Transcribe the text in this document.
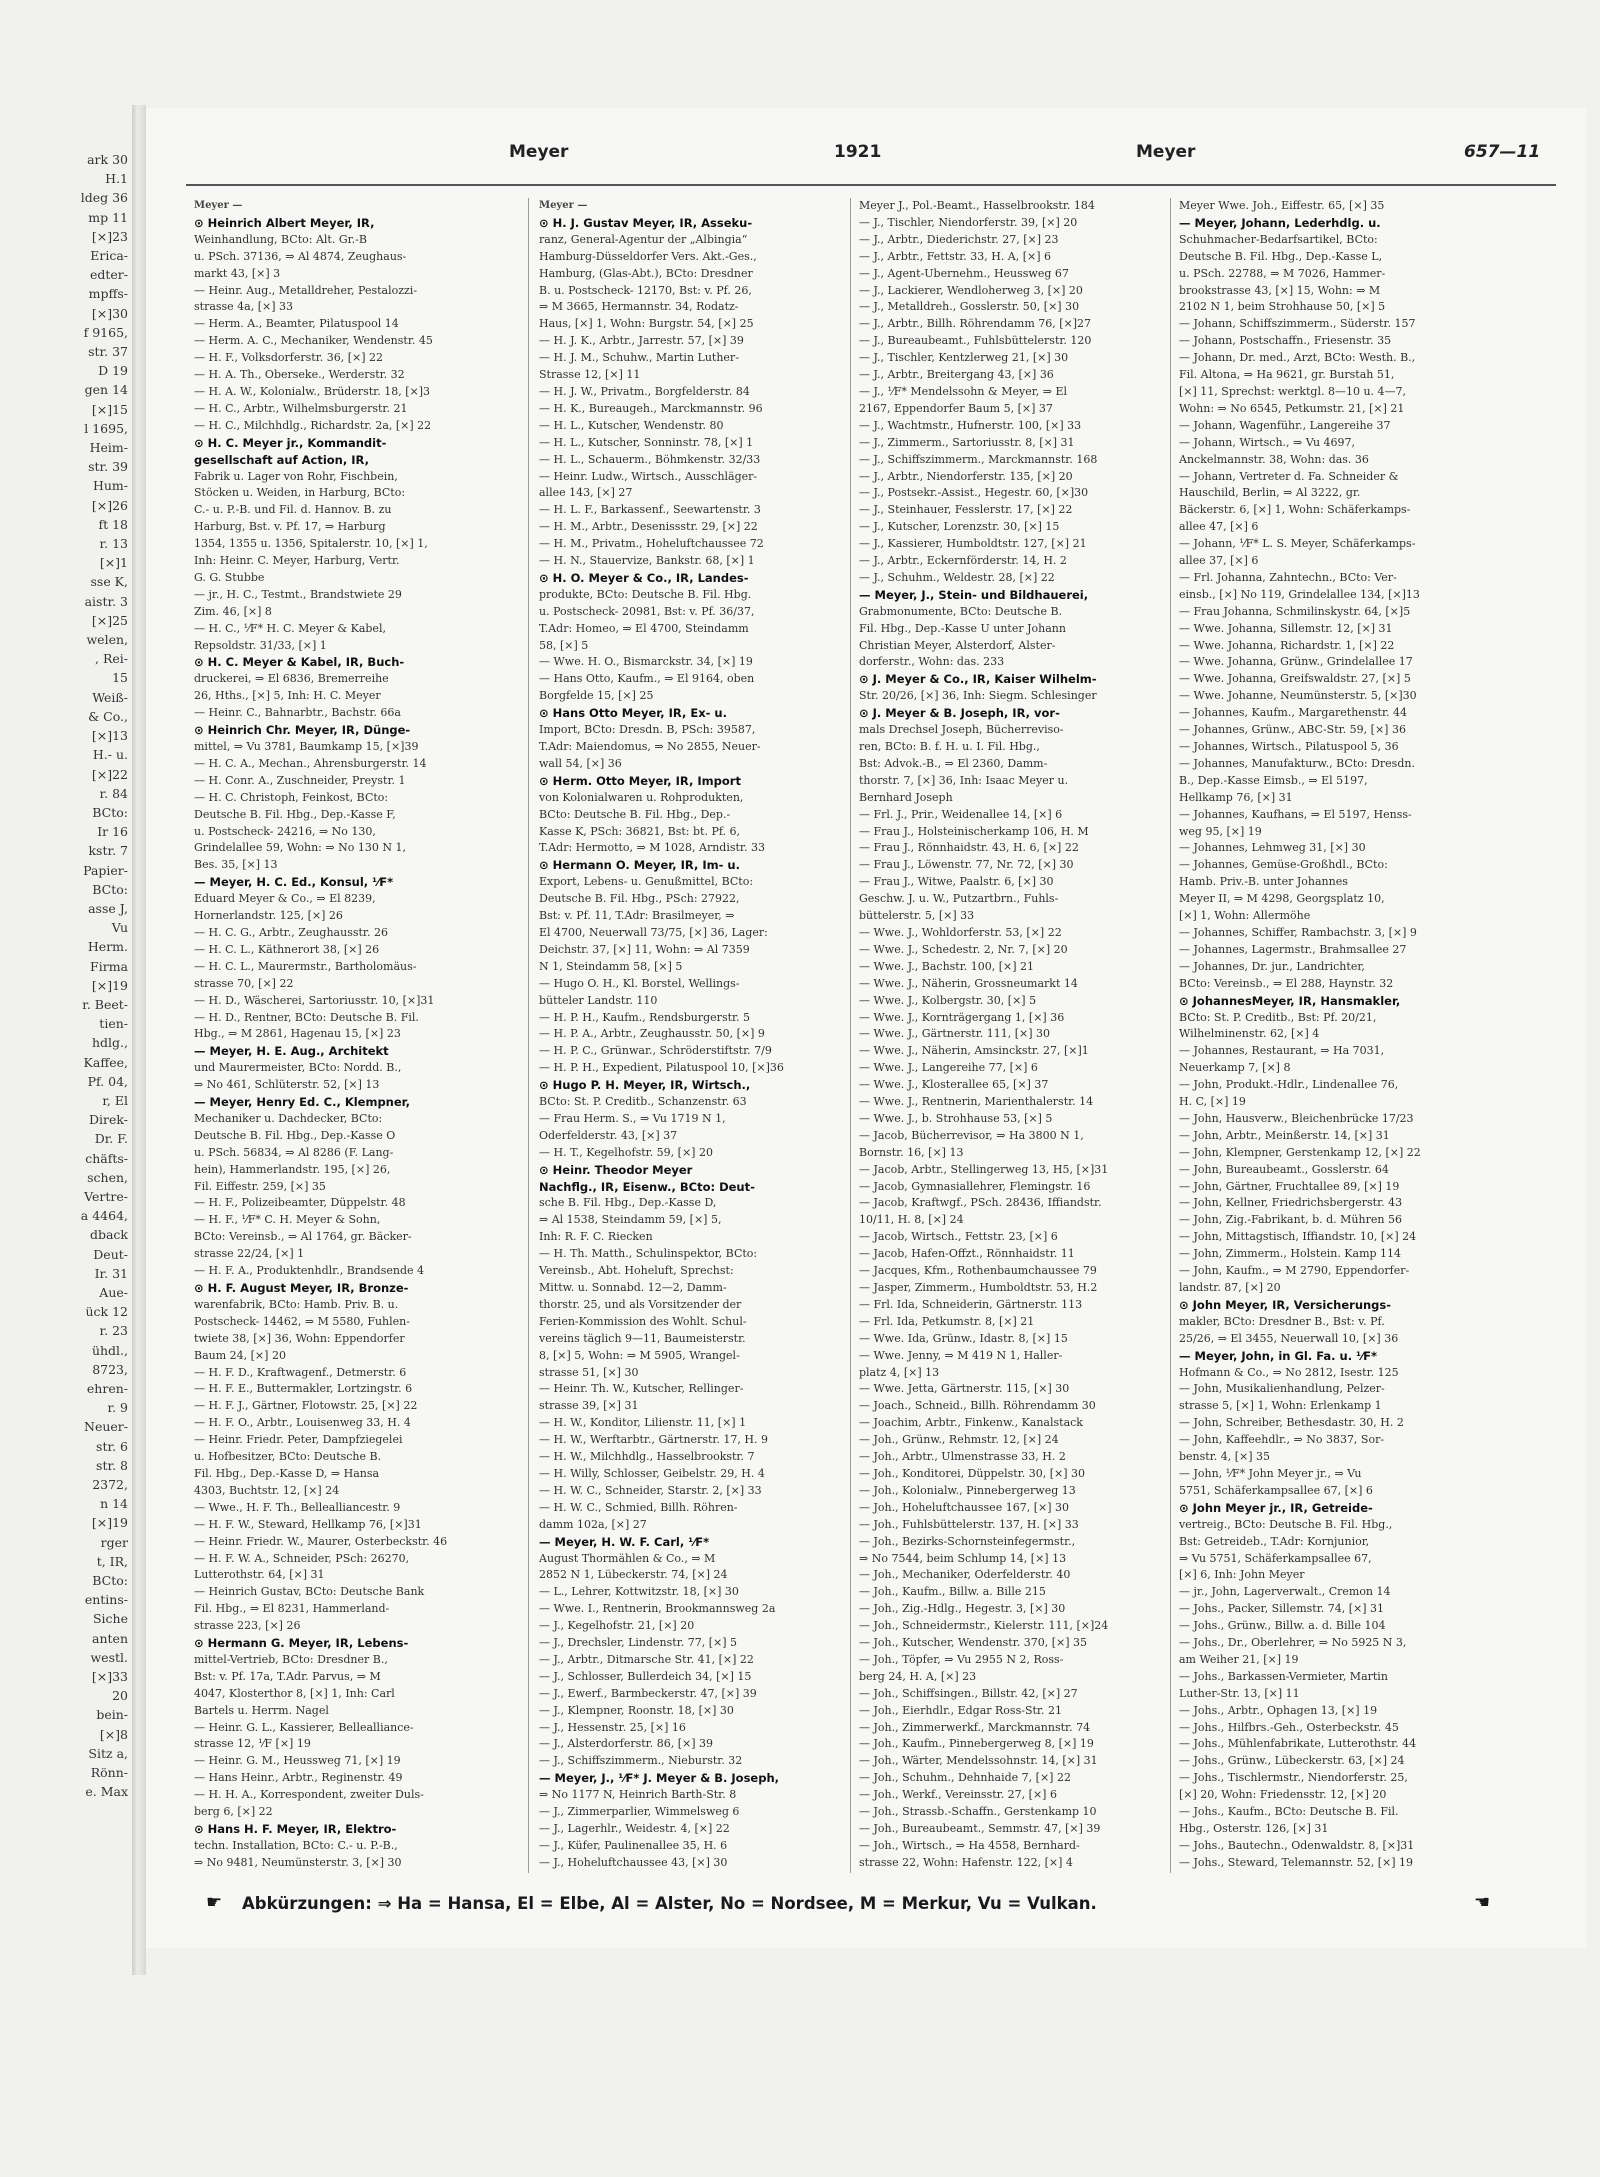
ark 30
H.1
ldeg 36
mp 11
[×]23
Erica-
edter-
mpffs-
[×]30
f 9165,
str. 37
D 19
gen 14
[×]15
l 1695,
Heim-
str. 39
Hum-
[×]26
ft 18
r. 13
[×]1
sse K,
aistr. 3
[×]25
welen,
, Rei-
15
Weiß-
& Co.,
[×]13
H.- u.
[×]22
r. 84
BCto:
Ir 16
kstr. 7
Papier-
BCto:
asse J,
Vu
Herm.
Firma
[×]19
r. Beet-
tien-
hdlg.,
Kaffee,
Pf. 04,
r, El
Direk-
Dr. F.
chäfts-
schen,
Vertre-
a 4464,
dback
Deut-
Ir. 31
Aue-
ück 12
r. 23
ühdl.,
8723,
ehren-
r. 9
Neuer-
str. 6
str. 8
2372,
n 14
[×]19
rger
t, IR,
BCto:
entins-
Siche
anten
westl.
[×]33
20
bein-
[×]8
Sitz a,
Rönn-
e. Max
Meyer	1921	Meyer	657—11
Meyer —
⊙ Heinrich Albert Meyer, IR,
Weinhandlung, BCto: Alt. Gr.-B
u. PSch. 37136, ⇒ Al 4874, Zeughaus-
markt 43, [×] 3
— Heinr. Aug., Metalldreher, Pestalozzi-
strasse 4a, [×] 33
— Herm. A., Beamter, Pilatuspool 14
— Herm. A. C., Mechaniker, Wendenstr. 45
— H. F., Volksdorferstr. 36, [×] 22
— H. A. Th., Oberseke., Werderstr. 32
— H. A. W., Kolonialw., Brüderstr. 18, [×]3
— H. C., Arbtr., Wilhelmsburgerstr. 21
— H. C., Milchhdlg., Richardstr. 2a, [×] 22
⊙ H. C. Meyer jr., Kommandit-
gesellschaft auf Action, IR,
Fabrik u. Lager von Rohr, Fischbein,
Stöcken u. Weiden, in Harburg, BCto:
C.- u. P.-B. und Fil. d. Hannov. B. zu
Harburg, Bst. v. Pf. 17, ⇒ Harburg
1354, 1355 u. 1356, Spitalerstr. 10, [×] 1,
Inh: Heinr. C. Meyer, Harburg, Vertr.
G. G. Stubbe
— jr., H. C., Testmt., Brandstwiete 29
Zim. 46, [×] 8
— H. C., ⅟F* H. C. Meyer & Kabel,
Repsoldstr. 31/33, [×] 1
⊙ H. C. Meyer & Kabel, IR, Buch-
druckerei, ⇒ El 6836, Bremerreihe
26, Hths., [×] 5, Inh: H. C. Meyer
— Heinr. C., Bahnarbtr., Bachstr. 66a
⊙ Heinrich Chr. Meyer, IR, Dünge-
mittel, ⇒ Vu 3781, Baumkamp 15, [×]39
— H. C. A., Mechan., Ahrensburgerstr. 14
— H. Conr. A., Zuschneider, Preystr. 1
— H. C. Christoph, Feinkost, BCto:
Deutsche B. Fil. Hbg., Dep.-Kasse F,
u. Postscheck- 24216, ⇒ No 130,
Grindelallee 59, Wohn: ⇒ No 130 N 1,
Bes. 35, [×] 13
— Meyer, H. C. Ed., Konsul, ⅟F*
Eduard Meyer & Co., ⇒ El 8239,
Hornerlandstr. 125, [×] 26
— H. C. G., Arbtr., Zeughausstr. 26
— H. C. L., Käthnerort 38, [×] 26
— H. C. L., Maurermstr., Bartholomäus-
strasse 70, [×] 22
— H. D., Wäscherei, Sartoriusstr. 10, [×]31
— H. D., Rentner, BCto: Deutsche B. Fil.
Hbg., ⇒ M 2861, Hagenau 15, [×] 23
— Meyer, H. E. Aug., Architekt
und Maurermeister, BCto: Nordd. B.,
⇒ No 461, Schlüterstr. 52, [×] 13
— Meyer, Henry Ed. C., Klempner,
Mechaniker u. Dachdecker, BCto:
Deutsche B. Fil. Hbg., Dep.-Kasse O
u. PSch. 56834, ⇒ Al 8286 (F. Lang-
hein), Hammerlandstr. 195, [×] 26,
Fil. Eiffestr. 259, [×] 35
— H. F., Polizeibeamter, Düppelstr. 48
— H. F., ⅟F* C. H. Meyer & Sohn,
BCto: Vereinsb., ⇒ Al 1764, gr. Bäcker-
strasse 22/24, [×] 1
— H. F. A., Produktenhdlr., Brandsende 4
⊙ H. F. August Meyer, IR, Bronze-
warenfabrik, BCto: Hamb. Priv. B. u.
Postscheck- 14462, ⇒ M 5580, Fuhlen-
twiete 38, [×] 36, Wohn: Eppendorfer
Baum 24, [×] 20
— H. F. D., Kraftwagenf., Detmerstr. 6
— H. F. E., Buttermakler, Lortzingstr. 6
— H. F. J., Gärtner, Flotowstr. 25, [×] 22
— H. F. O., Arbtr., Louisenweg 33, H. 4
— Heinr. Friedr. Peter, Dampfziegelei
u. Hofbesitzer, BCto: Deutsche B.
Fil. Hbg., Dep.-Kasse D, ⇒ Hansa
4303, Buchtstr. 12, [×] 24
— Wwe., H. F. Th., Bellealliancestr. 9
— H. F. W., Steward, Hellkamp 76, [×]31
— Heinr. Friedr. W., Maurer, Osterbeckstr. 46
— H. F. W. A., Schneider, PSch: 26270,
Lutterothstr. 64, [×] 31
— Heinrich Gustav, BCto: Deutsche Bank
Fil. Hbg., ⇒ El 8231, Hammerland-
strasse 223, [×] 26
⊙ Hermann G. Meyer, IR, Lebens-
mittel-Vertrieb, BCto: Dresdner B.,
Bst: v. Pf. 17a, T.Adr. Parvus, ⇒ M
4047, Klosterthor 8, [×] 1, Inh: Carl
Bartels u. Herrm. Nagel
— Heinr. G. L., Kassierer, Bellealliance-
strasse 12, ⅟F [×] 19
— Heinr. G. M., Heussweg 71, [×] 19
— Hans Heinr., Arbtr., Reginenstr. 49
— H. H. A., Korrespondent, zweiter Duls-
berg 6, [×] 22
⊙ Hans H. F. Meyer, IR, Elektro-
techn. Installation, BCto: C.- u. P.-B.,
⇒ No 9481, Neumünsterstr. 3, [×] 30
Meyer —
⊙ H. J. Gustav Meyer, IR, Asseku-
ranz, General-Agentur der „Albingia“
Hamburg-Düsseldorfer Vers. Akt.-Ges.,
Hamburg, (Glas-Abt.), BCto: Dresdner
B. u. Postscheck- 12170, Bst: v. Pf. 26,
⇒ M 3665, Hermannstr. 34, Rodatz-
Haus, [×] 1, Wohn: Burgstr. 54, [×] 25
— H. J. K., Arbtr., Jarrestr. 57, [×] 39
— H. J. M., Schuhw., Martin Luther-
Strasse 12, [×] 11
— H. J. W., Privatm., Borgfelderstr. 84
— H. K., Bureaugeh., Marckmannstr. 96
— H. L., Kutscher, Wendenstr. 80
— H. L., Kutscher, Sonninstr. 78, [×] 1
— H. L., Schauerm., Böhmkenstr. 32/33
— Heinr. Ludw., Wirtsch., Ausschläger-
allee 143, [×] 27
— H. L. F., Barkassenf., Seewartenstr. 3
— H. M., Arbtr., Desenissstr. 29, [×] 22
— H. M., Privatm., Hoheluftchaussee 72
— H. N., Stauervize, Bankstr. 68, [×] 1
⊙ H. O. Meyer & Co., IR, Landes-
produkte, BCto: Deutsche B. Fil. Hbg.
u. Postscheck- 20981, Bst: v. Pf. 36/37,
T.Adr: Homeo, ⇒ El 4700, Steindamm
58, [×] 5
— Wwe. H. O., Bismarckstr. 34, [×] 19
— Hans Otto, Kaufm., ⇒ El 9164, oben
Borgfelde 15, [×] 25
⊙ Hans Otto Meyer, IR, Ex- u.
Import, BCto: Dresdn. B, PSch: 39587,
T.Adr: Maiendomus, ⇒ No 2855, Neuer-
wall 54, [×] 36
⊙ Herm. Otto Meyer, IR, Import
von Kolonialwaren u. Rohprodukten,
BCto: Deutsche B. Fil. Hbg., Dep.-
Kasse K, PSch: 36821, Bst: bt. Pf. 6,
T.Adr: Hermotto, ⇒ M 1028, Arndistr. 33
⊙ Hermann O. Meyer, IR, Im- u.
Export, Lebens- u. Genußmittel, BCto:
Deutsche B. Fil. Hbg., PSch: 27922,
Bst: v. Pf. 11, T.Adr: Brasilmeyer, ⇒
El 4700, Neuerwall 73/75, [×] 36, Lager:
Deichstr. 37, [×] 11, Wohn: ⇒ Al 7359
N 1, Steindamm 58, [×] 5
— Hugo O. H., Kl. Borstel, Wellings-
bütteler Landstr. 110
— H. P. H., Kaufm., Rendsburgerstr. 5
— H. P. A., Arbtr., Zeughausstr. 50, [×] 9
— H. P. C., Grünwar., Schröderstiftstr. 7/9
— H. P. H., Expedient, Pilatuspool 10, [×]36
⊙ Hugo P. H. Meyer, IR, Wirtsch.,
BCto: St. P. Creditb., Schanzenstr. 63
— Frau Herm. S., ⇒ Vu 1719 N 1,
Oderfelderstr. 43, [×] 37
— H. T., Kegelhofstr. 59, [×] 20
⊙ Heinr. Theodor Meyer
Nachflg., IR, Eisenw., BCto: Deut-
sche B. Fil. Hbg., Dep.-Kasse D,
⇒ Al 1538, Steindamm 59, [×] 5,
Inh: R. F. C. Riecken
— H. Th. Matth., Schulinspektor, BCto:
Vereinsb., Abt. Hoheluft, Sprechst:
Mittw. u. Sonnabd. 12—2, Damm-
thorstr. 25, und als Vorsitzender der
Ferien-Kommission des Wohlt. Schul-
vereins täglich 9—11, Baumeisterstr.
8, [×] 5, Wohn: ⇒ M 5905, Wrangel-
strasse 51, [×] 30
— Heinr. Th. W., Kutscher, Rellinger-
strasse 39, [×] 31
— H. W., Konditor, Lilienstr. 11, [×] 1
— H. W., Werftarbtr., Gärtnerstr. 17, H. 9
— H. W., Milchhdlg., Hasselbrookstr. 7
— H. Willy, Schlosser, Geibelstr. 29, H. 4
— H. W. C., Schneider, Starstr. 2, [×] 33
— H. W. C., Schmied, Billh. Röhren-
damm 102a, [×] 27
— Meyer, H. W. F. Carl, ⅟F*
August Thormählen & Co., ⇒ M
2852 N 1, Lübeckerstr. 74, [×] 24
— L., Lehrer, Kottwitzstr. 18, [×] 30
— Wwe. I., Rentnerin, Brookmannsweg 2a
— J., Kegelhofstr. 21, [×] 20
— J., Drechsler, Lindenstr. 77, [×] 5
— J., Arbtr., Ditmarsche Str. 41, [×] 22
— J., Schlosser, Bullerdeich 34, [×] 15
— J., Ewerf., Barmbeckerstr. 47, [×] 39
— J., Klempner, Roonstr. 18, [×] 30
— J., Hessenstr. 25, [×] 16
— J., Alsterdorferstr. 86, [×] 39
— J., Schiffszimmerm., Nieburstr. 32
— Meyer, J., ⅟F* J. Meyer & B. Joseph,
⇒ No 1177 N, Heinrich Barth-Str. 8
— J., Zimmerparlier, Wimmelsweg 6
— J., Lagerhlr., Weidestr. 4, [×] 22
— J., Küfer, Paulinenallee 35, H. 6
— J., Hoheluftchaussee 43, [×] 30
Meyer J., Pol.-Beamt., Hasselbrookstr. 184
— J., Tischler, Niendorferstr. 39, [×] 20
— J., Arbtr., Diederichstr. 27, [×] 23
— J., Arbtr., Fettstr. 33, H. A, [×] 6
— J., Agent-Ubernehm., Heussweg 67
— J., Lackierer, Wendloherweg 3, [×] 20
— J., Metalldreh., Gosslerstr. 50, [×] 30
— J., Arbtr., Billh. Röhrendamm 76, [×]27
— J., Bureaubeamt., Fuhlsbüttelerstr. 120
— J., Tischler, Kentzlerweg 21, [×] 30
— J., Arbtr., Breitergang 43, [×] 36
— J., ⅟F* Mendelssohn & Meyer, ⇒ El
2167, Eppendorfer Baum 5, [×] 37
— J., Wachtmstr., Hufnerstr. 100, [×] 33
— J., Zimmerm., Sartoriusstr. 8, [×] 31
— J., Schiffszimmerm., Marckmannstr. 168
— J., Arbtr., Niendorferstr. 135, [×] 20
— J., Postsekr.-Assist., Hegestr. 60, [×]30
— J., Steinhauer, Fesslerstr. 17, [×] 22
— J., Kutscher, Lorenzstr. 30, [×] 15
— J., Kassierer, Humboldtstr. 127, [×] 21
— J., Arbtr., Eckernförderstr. 14, H. 2
— J., Schuhm., Weldestr. 28, [×] 22
— Meyer, J., Stein- und Bildhauerei,
Grabmonumente, BCto: Deutsche B.
Fil. Hbg., Dep.-Kasse U unter Johann
Christian Meyer, Alsterdorf, Alster-
dorferstr., Wohn: das. 233
⊙ J. Meyer & Co., IR, Kaiser Wilhelm-
Str. 20/26, [×] 36, Inh: Siegm. Schlesinger
⊙ J. Meyer & B. Joseph, IR, vor-
mals Drechsel Joseph, Bücherreviso-
ren, BCto: B. f. H. u. I. Fil. Hbg.,
Bst: Advok.-B., ⇒ El 2360, Damm-
thorstr. 7, [×] 36, Inh: Isaac Meyer u.
Bernhard Joseph
— Frl. J., Prir., Weidenallee 14, [×] 6
— Frau J., Holsteinischerkamp 106, H. M
— Frau J., Rönnhaidstr. 43, H. 6, [×] 22
— Frau J., Löwenstr. 77, Nr. 72, [×] 30
— Frau J., Witwe, Paalstr. 6, [×] 30
Geschw. J. u. W., Putzartbrn., Fuhls-
büttelerstr. 5, [×] 33
— Wwe. J., Wohldorferstr. 53, [×] 22
— Wwe. J., Schedestr. 2, Nr. 7, [×] 20
— Wwe. J., Bachstr. 100, [×] 21
— Wwe. J., Näherin, Grossneumarkt 14
— Wwe. J., Kolbergstr. 30, [×] 5
— Wwe. J., Kornträgergang 1, [×] 36
— Wwe. J., Gärtnerstr. 111, [×] 30
— Wwe. J., Näherin, Amsinckstr. 27, [×]1
— Wwe. J., Langereihe 77, [×] 6
— Wwe. J., Klosterallee 65, [×] 37
— Wwe. J., Rentnerin, Marienthalerstr. 14
— Wwe. J., b. Strohhause 53, [×] 5
— Jacob, Bücherrevisor, ⇒ Ha 3800 N 1,
Bornstr. 16, [×] 13
— Jacob, Arbtr., Stellingerweg 13, H5, [×]31
— Jacob, Gymnasiallehrer, Flemingstr. 16
— Jacob, Kraftwgf., PSch. 28436, Iffiandstr.
10/11, H. 8, [×] 24
— Jacob, Wirtsch., Fettstr. 23, [×] 6
— Jacob, Hafen-Offzt., Rönnhaidstr. 11
— Jacques, Kfm., Rothenbaumchaussee 79
— Jasper, Zimmerm., Humboldtstr. 53, H.2
— Frl. Ida, Schneiderin, Gärtnerstr. 113
— Frl. Ida, Petkumstr. 8, [×] 21
— Wwe. Ida, Grünw., Idastr. 8, [×] 15
— Wwe. Jenny, ⇒ M 419 N 1, Haller-
platz 4, [×] 13
— Wwe. Jetta, Gärtnerstr. 115, [×] 30
— Joach., Schneid., Billh. Röhrendamm 30
— Joachim, Arbtr., Finkenw., Kanalstack
— Joh., Grünw., Rehmstr. 12, [×] 24
— Joh., Arbtr., Ulmenstrasse 33, H. 2
— Joh., Konditorei, Düppelstr. 30, [×] 30
— Joh., Kolonialw., Pinnebergerweg 13
— Joh., Hoheluftchaussee 167, [×] 30
— Joh., Fuhlsbüttelerstr. 137, H. [×] 33
— Joh., Bezirks-Schornsteinfegermstr.,
⇒ No 7544, beim Schlump 14, [×] 13
— Joh., Mechaniker, Oderfelderstr. 40
— Joh., Kaufm., Billw. a. Bille 215
— Joh., Zig.-Hdlg., Hegestr. 3, [×] 30
— Joh., Schneidermstr., Kielerstr. 111, [×]24
— Joh., Kutscher, Wendenstr. 370, [×] 35
— Joh., Töpfer, ⇒ Vu 2955 N 2, Ross-
berg 24, H. A, [×] 23
— Joh., Schiffsingen., Billstr. 42, [×] 27
— Joh., Eierhdlr., Edgar Ross-Str. 21
— Joh., Zimmerwerkf., Marckmannstr. 74
— Joh., Kaufm., Pinnebergerweg 8, [×] 19
— Joh., Wärter, Mendelssohnstr. 14, [×] 31
— Joh., Schuhm., Dehnhaide 7, [×] 22
— Joh., Werkf., Vereinsstr. 27, [×] 6
— Joh., Strassb.-Schaffn., Gerstenkamp 10
— Joh., Bureaubeamt., Semmstr. 47, [×] 39
— Joh., Wirtsch., ⇒ Ha 4558, Bernhard-
strasse 22, Wohn: Hafenstr. 122, [×] 4
Meyer Wwe. Joh., Eiffestr. 65, [×] 35
— Meyer, Johann, Lederhdlg. u.
Schuhmacher-Bedarfsartikel, BCto:
Deutsche B. Fil. Hbg., Dep.-Kasse L,
u. PSch. 22788, ⇒ M 7026, Hammer-
brookstrasse 43, [×] 15, Wohn: ⇒ M
2102 N 1, beim Strohhause 50, [×] 5
— Johann, Schiffszimmerm., Süderstr. 157
— Johann, Postschaffn., Friesenstr. 35
— Johann, Dr. med., Arzt, BCto: Westh. B.,
Fil. Altona, ⇒ Ha 9621, gr. Burstah 51,
[×] 11, Sprechst: werktgl. 8—10 u. 4—7,
Wohn: ⇒ No 6545, Petkumstr. 21, [×] 21
— Johann, Wagenführ., Langereihe 37
— Johann, Wirtsch., ⇒ Vu 4697,
Anckelmannstr. 38, Wohn: das. 36
— Johann, Vertreter d. Fa. Schneider &
Hauschild, Berlin, ⇒ Al 3222, gr.
Bäckerstr. 6, [×] 1, Wohn: Schäferkamps-
allee 47, [×] 6
— Johann, ⅟F* L. S. Meyer, Schäferkamps-
allee 37, [×] 6
— Frl. Johanna, Zahntechn., BCto: Ver-
einsb., [×] No 119, Grindelallee 134, [×]13
— Frau Johanna, Schmilinskystr. 64, [×]5
— Wwe. Johanna, Sillemstr. 12, [×] 31
— Wwe. Johanna, Richardstr. 1, [×] 22
— Wwe. Johanna, Grünw., Grindelallee 17
— Wwe. Johanna, Greifswaldstr. 27, [×] 5
— Wwe. Johanne, Neumünsterstr. 5, [×]30
— Johannes, Kaufm., Margarethenstr. 44
— Johannes, Grünw., ABC-Str. 59, [×] 36
— Johannes, Wirtsch., Pilatuspool 5, 36
— Johannes, Manufakturw., BCto: Dresdn.
B., Dep.-Kasse Eimsb., ⇒ El 5197,
Hellkamp 76, [×] 31
— Johannes, Kaufhans, ⇒ El 5197, Henss-
weg 95, [×] 19
— Johannes, Lehmweg 31, [×] 30
— Johannes, Gemüse-Großhdl., BCto:
Hamb. Priv.-B. unter Johannes
Meyer II, ⇒ M 4298, Georgsplatz 10,
[×] 1, Wohn: Allermöhe
— Johannes, Schiffer, Rambachstr. 3, [×] 9
— Johannes, Lagermstr., Brahmsallee 27
— Johannes, Dr. jur., Landrichter,
BCto: Vereinsb., ⇒ El 288, Haynstr. 32
⊙ JohannesMeyer, IR, Hansmakler,
BCto: St. P. Creditb., Bst: Pf. 20/21,
Wilhelminenstr. 62, [×] 4
— Johannes, Restaurant, ⇒ Ha 7031,
Neuerkamp 7, [×] 8
— John, Produkt.-Hdlr., Lindenallee 76,
H. C, [×] 19
— John, Hausverw., Bleichenbrücke 17/23
— John, Arbtr., Meinßerstr. 14, [×] 31
— John, Klempner, Gerstenkamp 12, [×] 22
— John, Bureaubeamt., Gosslerstr. 64
— John, Gärtner, Fruchtallee 89, [×] 19
— John, Kellner, Friedrichsbergerstr. 43
— John, Zig.-Fabrikant, b. d. Mühren 56
— John, Mittagstisch, Iffiandstr. 10, [×] 24
— John, Zimmerm., Holstein. Kamp 114
— John, Kaufm., ⇒ M 2790, Eppendorfer-
landstr. 87, [×] 20
⊙ John Meyer, IR, Versicherungs-
makler, BCto: Dresdner B., Bst: v. Pf.
25/26, ⇒ El 3455, Neuerwall 10, [×] 36
— Meyer, John, in Gl. Fa. u. ⅟F*
Hofmann & Co., ⇒ No 2812, Isestr. 125
— John, Musikalienhandlung, Pelzer-
strasse 5, [×] 1, Wohn: Erlenkamp 1
— John, Schreiber, Bethesdastr. 30, H. 2
— John, Kaffeehdlr., ⇒ No 3837, Sor-
benstr. 4, [×] 35
— John, ⅟F* John Meyer jr., ⇒ Vu
5751, Schäferkampsallee 67, [×] 6
⊙ John Meyer jr., IR, Getreide-
vertreig., BCto: Deutsche B. Fil. Hbg.,
Bst: Getreideb., T.Adr: Kornjunior,
⇒ Vu 5751, Schäferkampsallee 67,
[×] 6, Inh: John Meyer
— jr., John, Lagerverwalt., Cremon 14
— Johs., Packer, Sillemstr. 74, [×] 31
— Johs., Grünw., Billw. a. d. Bille 104
— Johs., Dr., Oberlehrer, ⇒ No 5925 N 3,
am Weiher 21, [×] 19
— Johs., Barkassen-Vermieter, Martin
Luther-Str. 13, [×] 11
— Johs., Arbtr., Ophagen 13, [×] 19
— Johs., Hilfbrs.-Geh., Osterbeckstr. 45
— Johs., Mühlenfabrikate, Lutterothstr. 44
— Johs., Grünw., Lübeckerstr. 63, [×] 24
— Johs., Tischlermstr., Niendorferstr. 25,
[×] 20, Wohn: Friedensstr. 12, [×] 20
— Johs., Kaufm., BCto: Deutsche B. Fil.
Hbg., Osterstr. 126, [×] 31
— Johs., Bautechn., Odenwaldstr. 8, [×]31
— Johs., Steward, Telemannstr. 52, [×] 19
☛ Abkürzungen: ⇒ Ha = Hansa, El = Elbe, Al = Alster, No = Nordsee, M = Merkur, Vu = Vulkan.	☚
